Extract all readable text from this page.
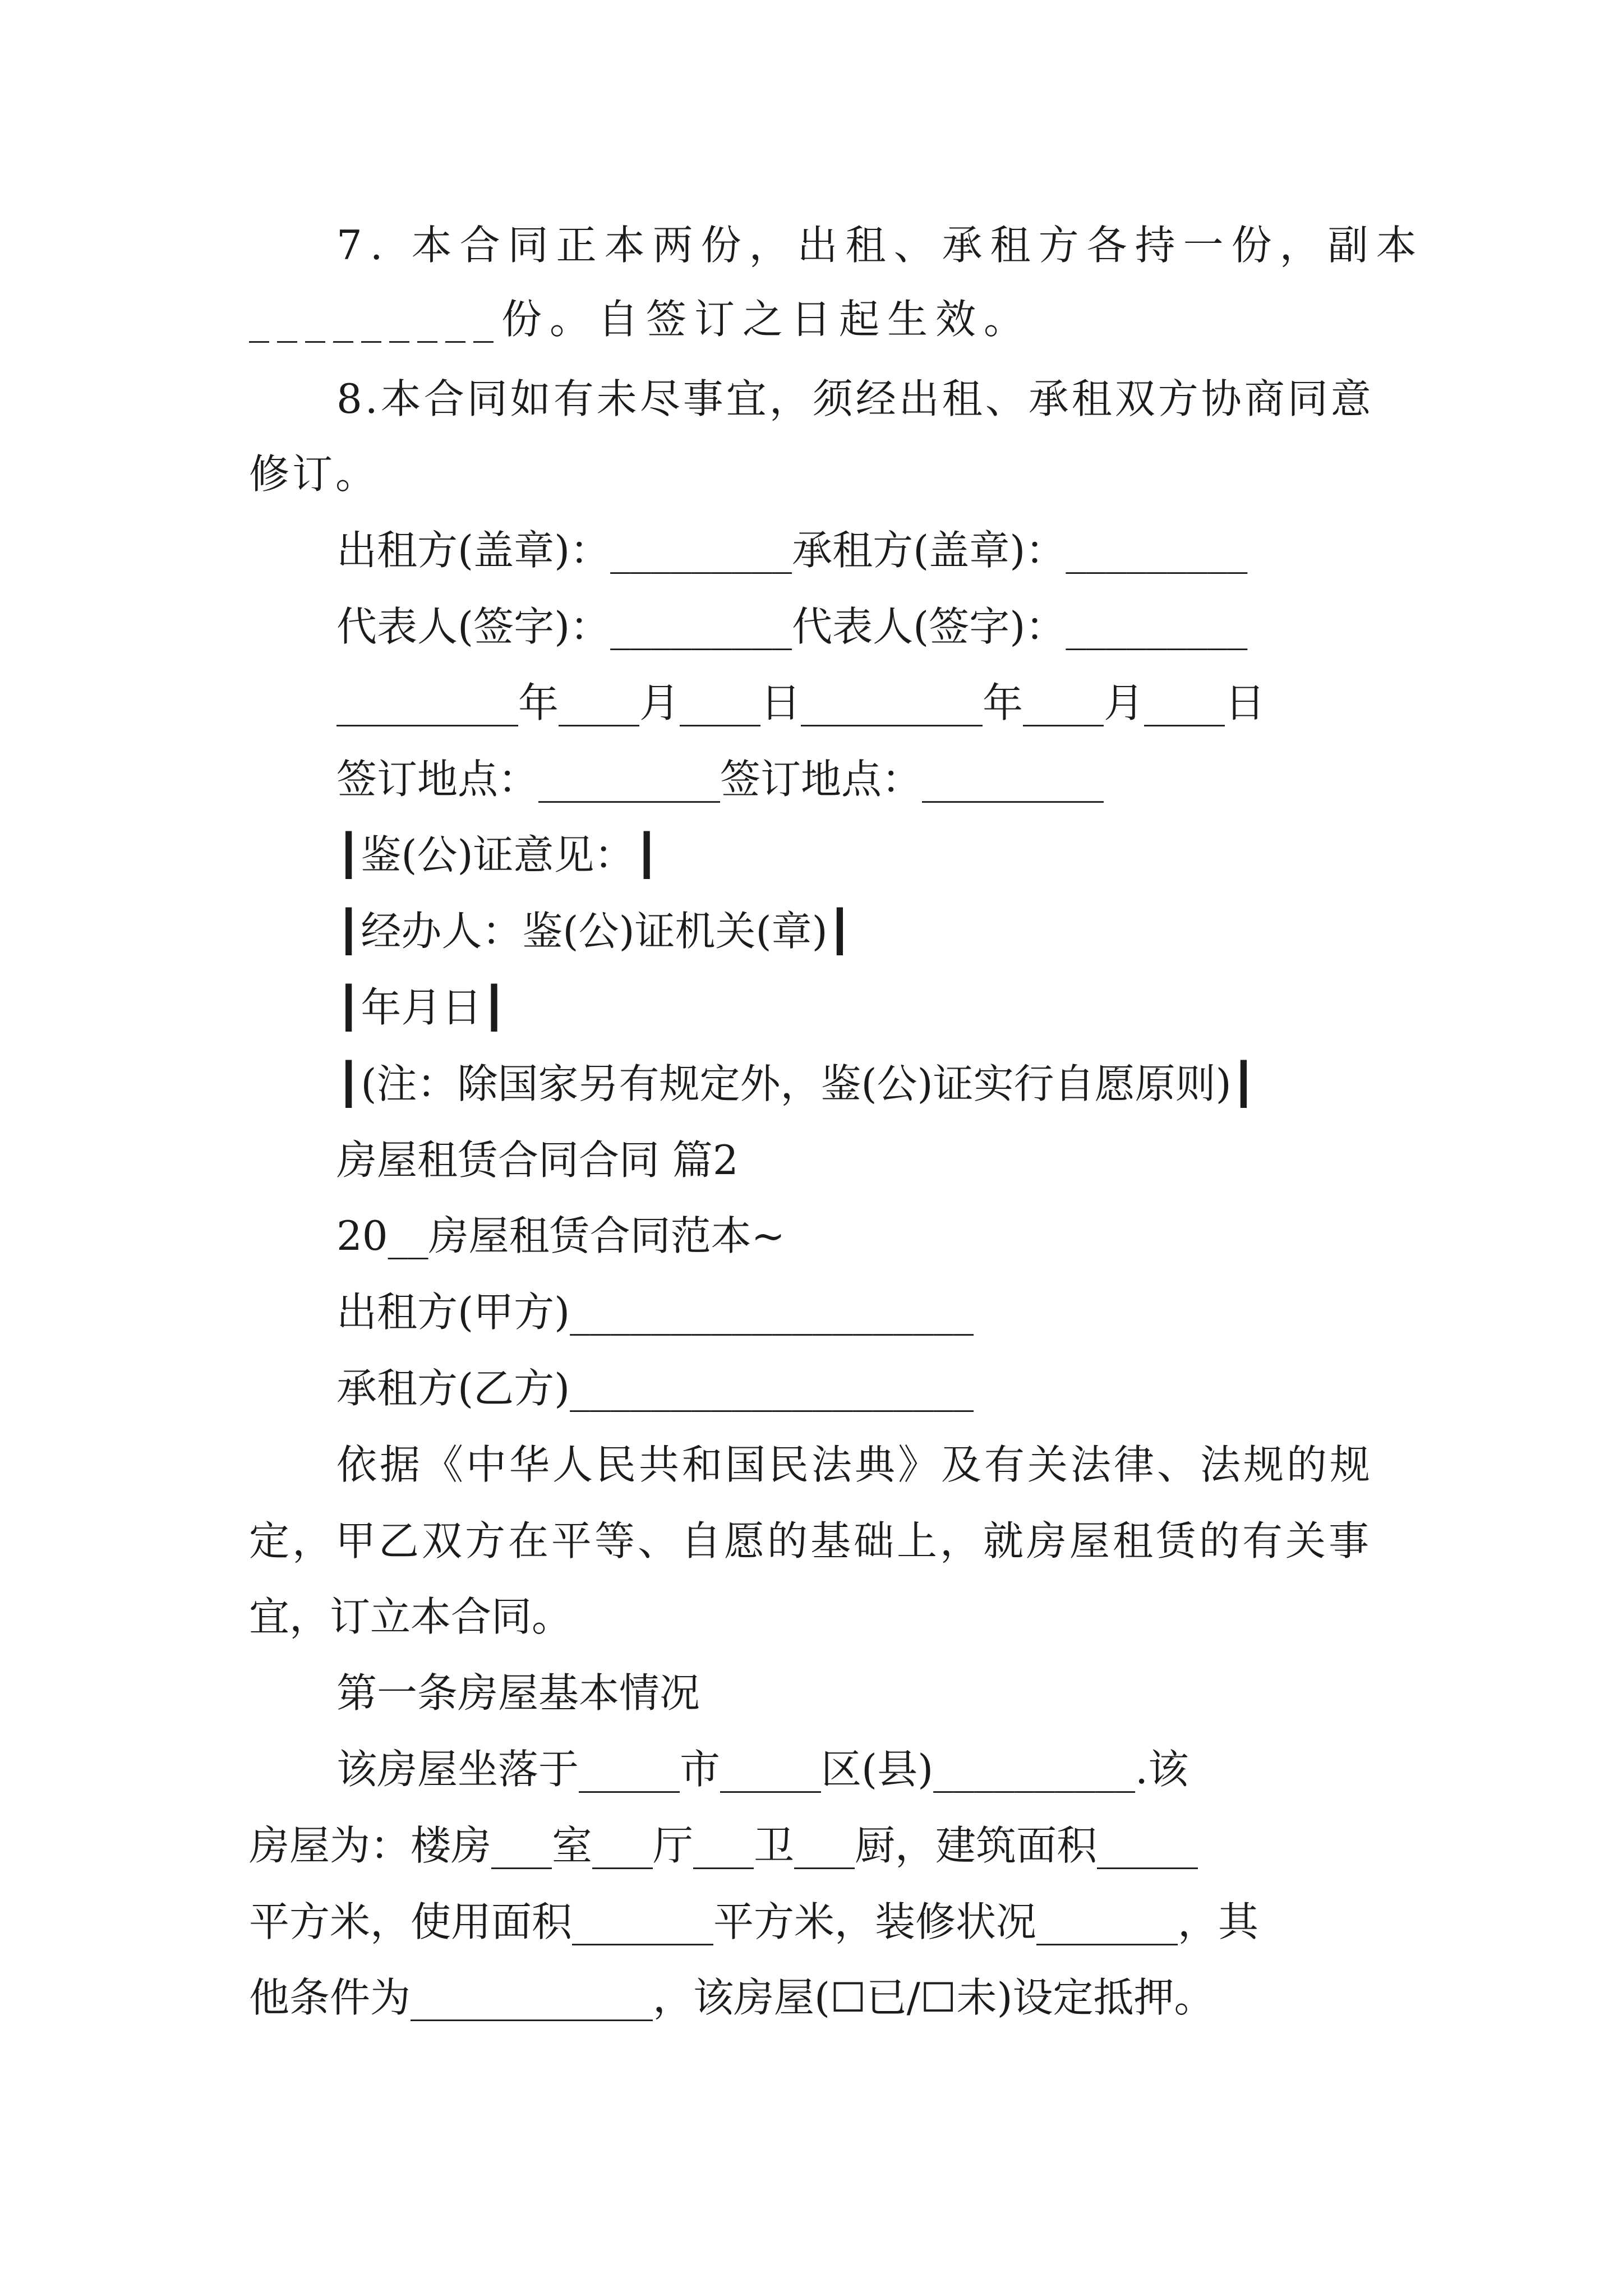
7. 本合同正本两份，出租、承租方各持一份，副本
_________份。自签订之日起生效。
8.本合同如有未尽事宜，须经出租、承租双方协商同意
修订。
出租方(盖章)：_________承租方(盖章)：_________
代表人(签字)：_________代表人(签字)：_________
_________年____月____日_________年____月____日
签订地点：_________签订地点：_________
┃鉴(公)证意见：┃
┃经办人：鉴(公)证机关(章)┃
┃年月日┃
┃(注：除国家另有规定外，鉴(公)证实行自愿原则)┃
房屋租赁合同合同 篇2
20__房屋租赁合同范本~
出租方(甲方)____________________
承租方(乙方)____________________
依据《中华人民共和国民法典》及有关法律、法规的规
定，甲乙双方在平等、自愿的基础上，就房屋租赁的有关事
宜，订立本合同。
第一条房屋基本情况
该房屋坐落于_____市_____区(县)__________.该
房屋为：楼房___室___厅___卫___厨，建筑面积_____
平方米，使用面积_______平方米，装修状况_______，其
他条件为____________，该房屋(☐已/☐未)设定抵押。
